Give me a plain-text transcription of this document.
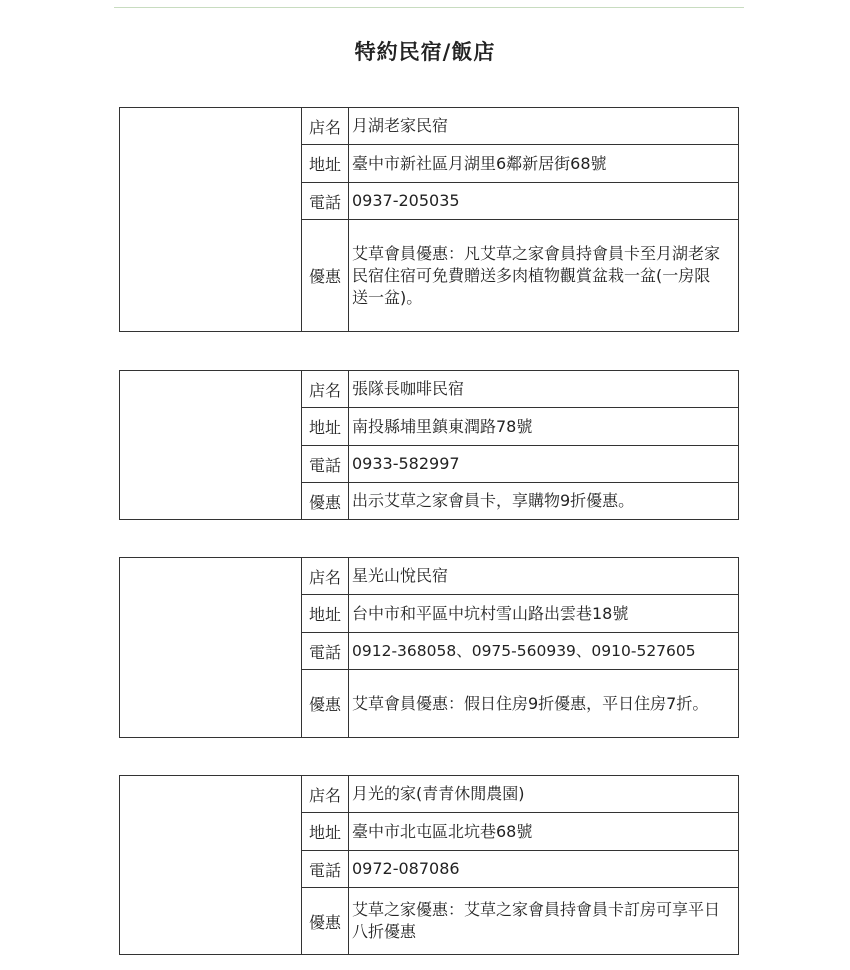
特約民宿/飯店
	店名	月湖老家民宿
	地址	臺中市新社區月湖里6鄰新居街68號
	電話	0937-205035
	優惠	艾草會員優惠：凡艾草之家會員持會員卡至月湖老家民宿住宿可免費贈送多肉植物觀賞盆栽一盆(一房限送一盆)。
	店名	張隊長咖啡民宿
	地址	南投縣埔里鎮東潤路78號
	電話	0933-582997
	優惠	出示艾草之家會員卡，享購物9折優惠。
	店名	星光山悅民宿
	地址	台中市和平區中坑村雪山路出雲巷18號
	電話	0912-368058、0975-560939、0910-527605
	優惠	艾草會員優惠：假日住房9折優惠，平日住房7折。
	店名	月光的家(青青休閒農園)
	地址	臺中市北屯區北坑巷68號
	電話	0972-087086
	優惠	艾草之家優惠：艾草之家會員持會員卡訂房可享平日八折優惠
